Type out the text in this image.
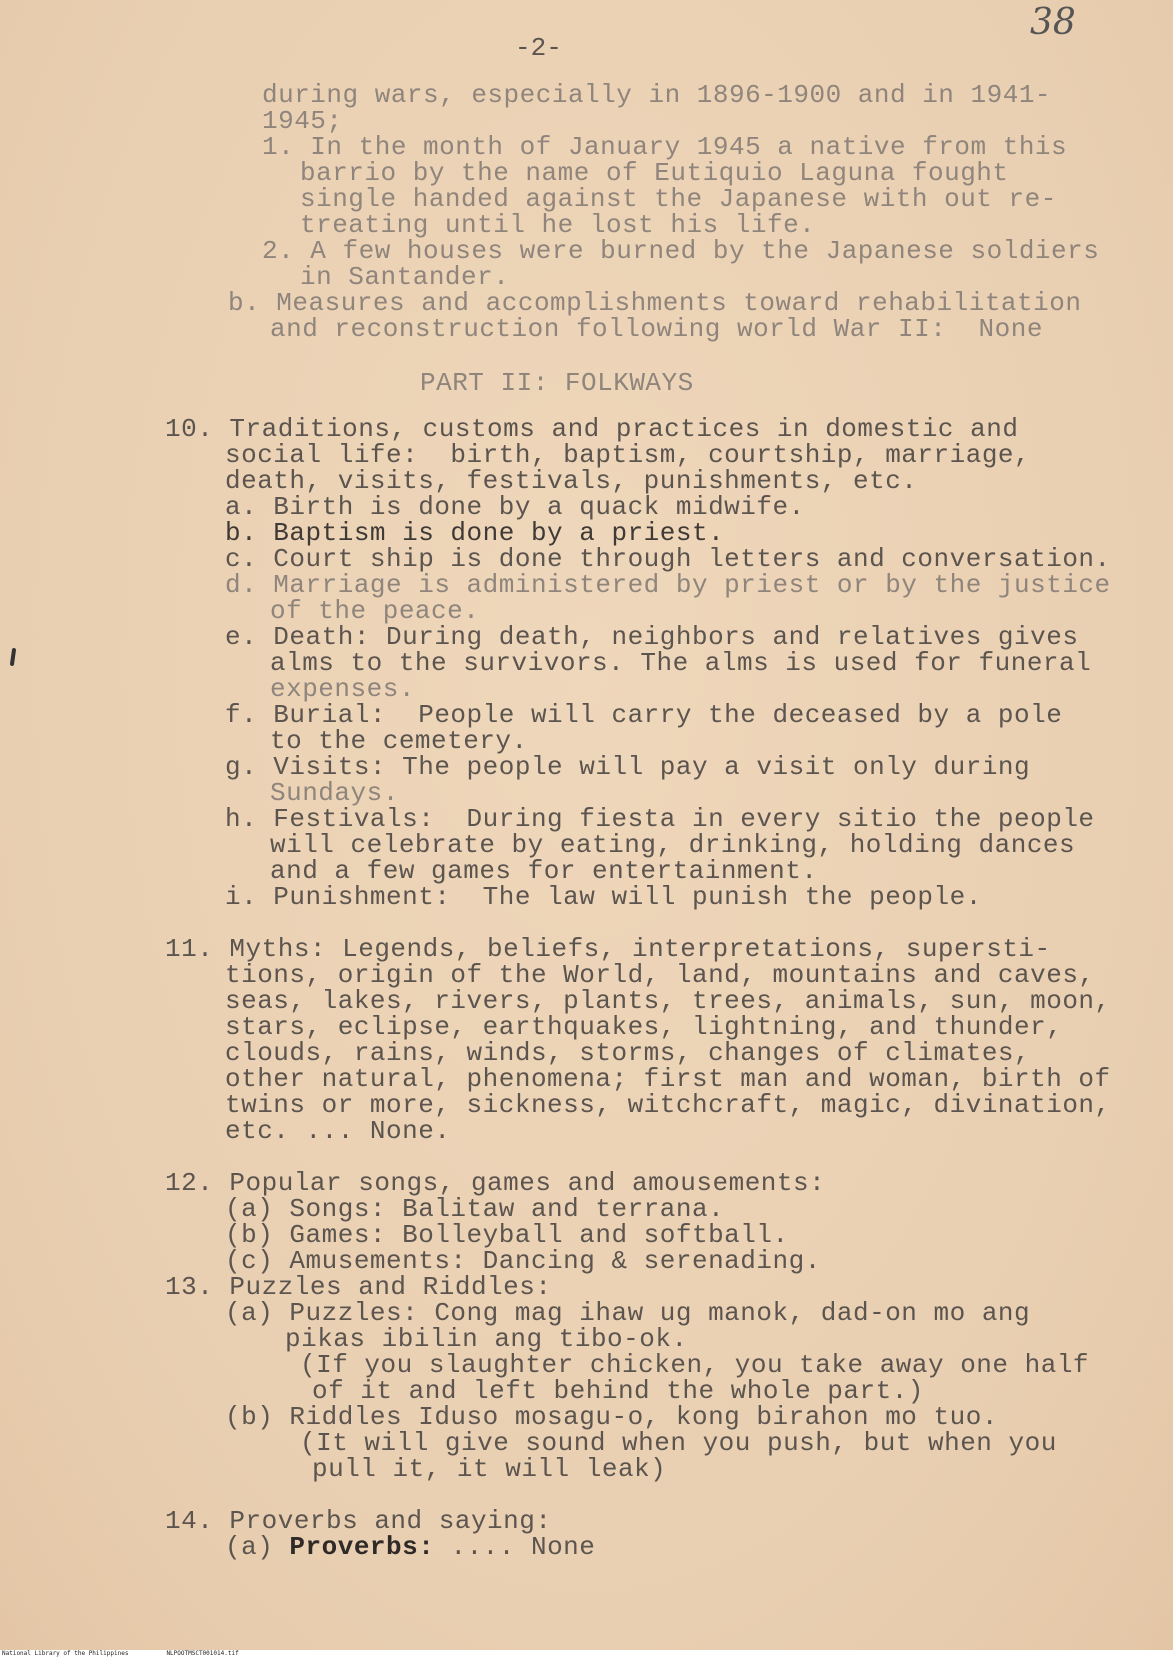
-2-
38
during wars, especially in 1896-1900 and in 1941-
1945;
1. In the month of January 1945 a native from this
barrio by the name of Eutiquio Laguna fought
single handed against the Japanese with out re-
treating until he lost his life.
2. A few houses were burned by the Japanese soldiers
in Santander.
b. Measures and accomplishments toward rehabilitation
and reconstruction following world War II:  None
PART II: FOLKWAYS
10. Traditions, customs and practices in domestic and
social life:  birth, baptism, courtship, marriage,
death, visits, festivals, punishments, etc.
a. Birth is done by a quack midwife.
b. Baptism is done by a priest.
c. Court ship is done through letters and conversation.
d. Marriage is administered by priest or by the justice
of the peace.
e. Death: During death, neighbors and relatives gives
alms to the survivors. The alms is used for funeral
expenses.
f. Burial:  People will carry the deceased by a pole
to the cemetery.
g. Visits: The people will pay a visit only during
Sundays.
h. Festivals:  During fiesta in every sitio the people
will celebrate by eating, drinking, holding dances
and a few games for entertainment.
i. Punishment:  The law will punish the people.
11. Myths: Legends, beliefs, interpretations, supersti-
tions, origin of the World, land, mountains and caves,
seas, lakes, rivers, plants, trees, animals, sun, moon,
stars, eclipse, earthquakes, lightning, and thunder,
clouds, rains, winds, storms, changes of climates,
other natural, phenomena; first man and woman, birth of
twins or more, sickness, witchcraft, magic, divination,
etc. ... None.
12. Popular songs, games and amousements:
(a) Songs: Balitaw and terrana.
(b) Games: Bolleyball and softball.
(c) Amusements: Dancing & serenading.
13. Puzzles and Riddles:
(a) Puzzles: Cong mag ihaw ug manok, dad-on mo ang
pikas ibilin ang tibo-ok.
(If you slaughter chicken, you take away one half
of it and left behind the whole part.)
(b) Riddles Iduso mosagu-o, kong birahon mo tuo.
(It will give sound when you push, but when you
pull it, it will leak)
14. Proverbs and saying:
(a) Proverbs: .... None
National Library of the Philippines	NLPOOTMSCT001014.tif
